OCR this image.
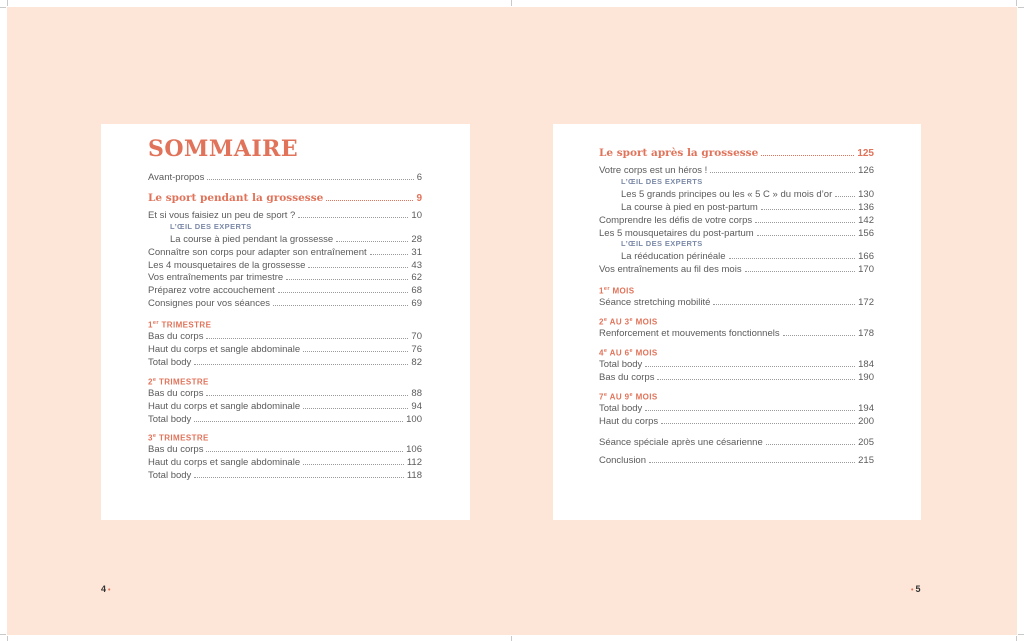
SOMMAIRE
Avant-propos	6
Le sport pendant la grossesse	9
Et si vous faisiez un peu de sport ?	10
L’ŒIL DES EXPERTS
La course à pied pendant la grossesse	28
Connaître son corps pour adapter son entraînement	31
Les 4 mousquetaires de la grossesse	43
Vos entraînements par trimestre	62
Préparez votre accouchement	68
Consignes pour vos séances	69
1er TRIMESTRE
Bas du corps	70
Haut du corps et sangle abdominale	76
Total body	82
2e TRIMESTRE
Bas du corps	88
Haut du corps et sangle abdominale	94
Total body	100
3e TRIMESTRE
Bas du corps	106
Haut du corps et sangle abdominale	112
Total body	118
Le sport après la grossesse	125
Votre corps est un héros !	126
L’ŒIL DES EXPERTS
Les 5 grands principes ou les « 5 C » du mois d’or	130
La course à pied en post-partum	136
Comprendre les défis de votre corps	142
Les 5 mousquetaires du post-partum	156
L’ŒIL DES EXPERTS
La rééducation périnéale	166
Vos entraînements au fil des mois	170
1er MOIS
Séance stretching mobilité	172
2e AU 3e MOIS
Renforcement et mouvements fonctionnels	178
4e AU 6e MOIS
Total body	184
Bas du corps	190
7e AU 9e MOIS
Total body	194
Haut du corps	200
Séance spéciale après une césarienne	205
Conclusion	215
4 •	• 5
